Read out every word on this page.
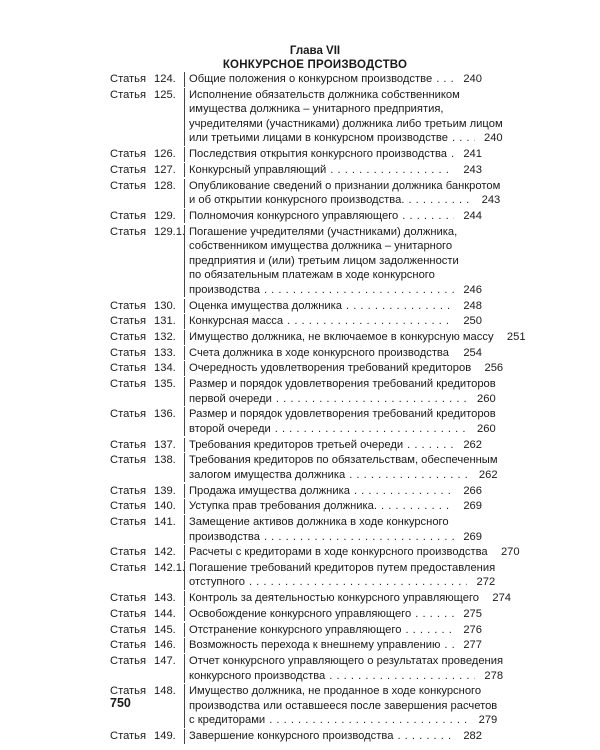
Глава VII
КОНКУРСНОЕ ПРОИЗВОДСТВО
Статья 124.	Общие положения о конкурсном производстве . . .	240
Статья 125.	Исполнение обязательств должника собственником
имущества должника – унитарного предприятия,
учредителями (участниками) должника либо третьим лицом
или третьими лицами в конкурсном производстве . . .	240
Статья 126.	Последствия открытия конкурсного производства . . .	241
Статья 127.	Конкурсный управляющий . . .	243
Статья 128.	Опубликование сведений о признании должника банкротом
и об открытии конкурсного производства. . . .	243
Статья 129.	Полномочия конкурсного управляющего . . .	244
Статья 129.1. Погашение учредителями (участниками) должника,
собственником имущества должника – унитарного
предприятия и (или) третьим лицом задолженности
по обязательным платежам в ходе конкурсного
производства . . .	246
Статья 130.	Оценка имущества должника . . .	248
Статья 131.	Конкурсная масса . . .	250
Статья 132.	Имущество должника, не включаемое в конкурсную массу	251
Статья 133.	Счета должника в ходе конкурсного производства . . .	254
Статья 134.	Очередность удовлетворения требований кредиторов	256
Статья 135.	Размер и порядок удовлетворения требований кредиторов
первой очереди . . .	260
Статья 136.	Размер и порядок удовлетворения требований кредиторов
второй очереди . . .	260
Статья 137.	Требования кредиторов третьей очереди . . .	262
Статья 138.	Требования кредиторов по обязательствам, обеспеченным
залогом имущества должника . . .	262
Статья 139.	Продажа имущества должника . . .	266
Статья 140.	Уступка прав требования должника. . . .	269
Статья 141.	Замещение активов должника в ходе конкурсного
производства . . .	269
Статья 142.	Расчеты с кредиторами в ходе конкурсного производства	270
Статья 142.1. Погашение требований кредиторов путем предоставления
отступного . . .	272
Статья 143.	Контроль за деятельностью конкурсного управляющего	274
Статья 144.	Освобождение конкурсного управляющего . . .	275
Статья 145.	Отстранение конкурсного управляющего . . .	276
Статья 146.	Возможность перехода к внешнему управлению . . .	277
Статья 147.	Отчет конкурсного управляющего о результатах проведения
конкурсного производства . . .	278
Статья 148.	Имущество должника, не проданное в ходе конкурсного
производства или оставшееся после завершения расчетов
с кредиторами . . .	279
Статья 149.	Завершение конкурсного производства . . .	282
750
